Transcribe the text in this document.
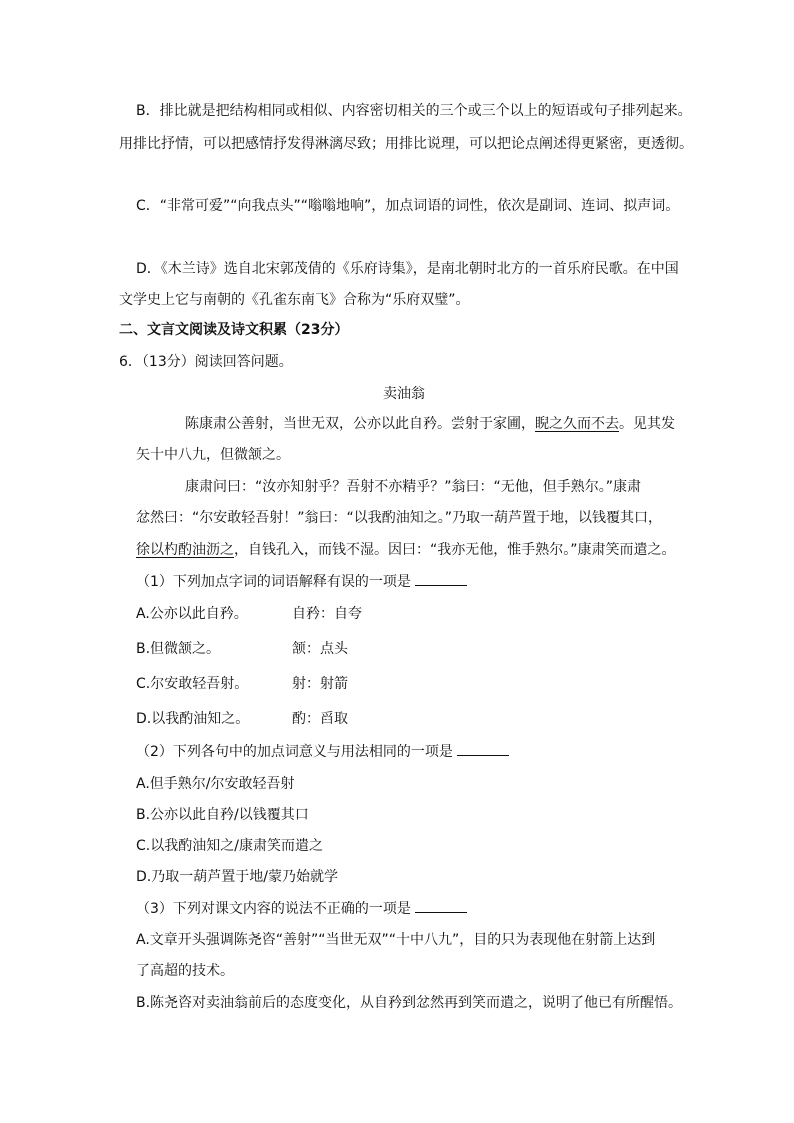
B．排比就是把结构相同或相似、内容密切相关的三个或三个以上的短语或句子排列起来。
用排比抒情，可以把感情抒发得淋漓尽致；用排比说理，可以把论点阐述得更紧密，更透彻。
C．“非常可爱”“向我点头”“嗡嗡地响”，加点词语的词性，依次是副词、连词、拟声词。
D．《木兰诗》选自北宋郭茂倩的《乐府诗集》，是南北朝时北方的一首乐府民歌。在中国
文学史上它与南朝的《孔雀东南飞》合称为“乐府双璧”。
二、文言文阅读及诗文积累（23分）
6．（13分）阅读回答问题。
卖油翁
陈康肃公善射，当世无双，公亦以此自矜。尝射于家圃，睨之久而不去。见其发
矢十中八九，但微颔之。
康肃问曰：“汝亦知射乎？吾射不亦精乎？”翁曰：“无他，但手熟尔。”康肃
忿然曰：“尔安敢轻吾射！”翁曰：“以我酌油知之。”乃取一葫芦置于地，以钱覆其口，
徐以杓酌油沥之，自钱孔入，而钱不湿。因曰：“我亦无他，惟手熟尔。”康肃笑而遣之。
（1）下列加点字词的词语解释有误的一项是
A.公亦以此自矜。	自矜：自夸
B.但微颔之。	颔：点头
C.尔安敢轻吾射。	射：射箭
D.以我酌油知之。	酌：舀取
（2）下列各句中的加点词意义与用法相同的一项是
A.但手熟尔/尔安敢轻吾射
B.公亦以此自矜/以钱覆其口
C.以我酌油知之/康肃笑而遣之
D.乃取一葫芦置于地/蒙乃始就学
（3）下列对课文内容的说法不正确的一项是
A.文章开头强调陈尧咨“善射”“当世无双”“十中八九”，目的只为表现他在射箭上达到
了高超的技术。
B.陈尧咨对卖油翁前后的态度变化，从自矜到忿然再到笑而遣之，说明了他已有所醒悟。
